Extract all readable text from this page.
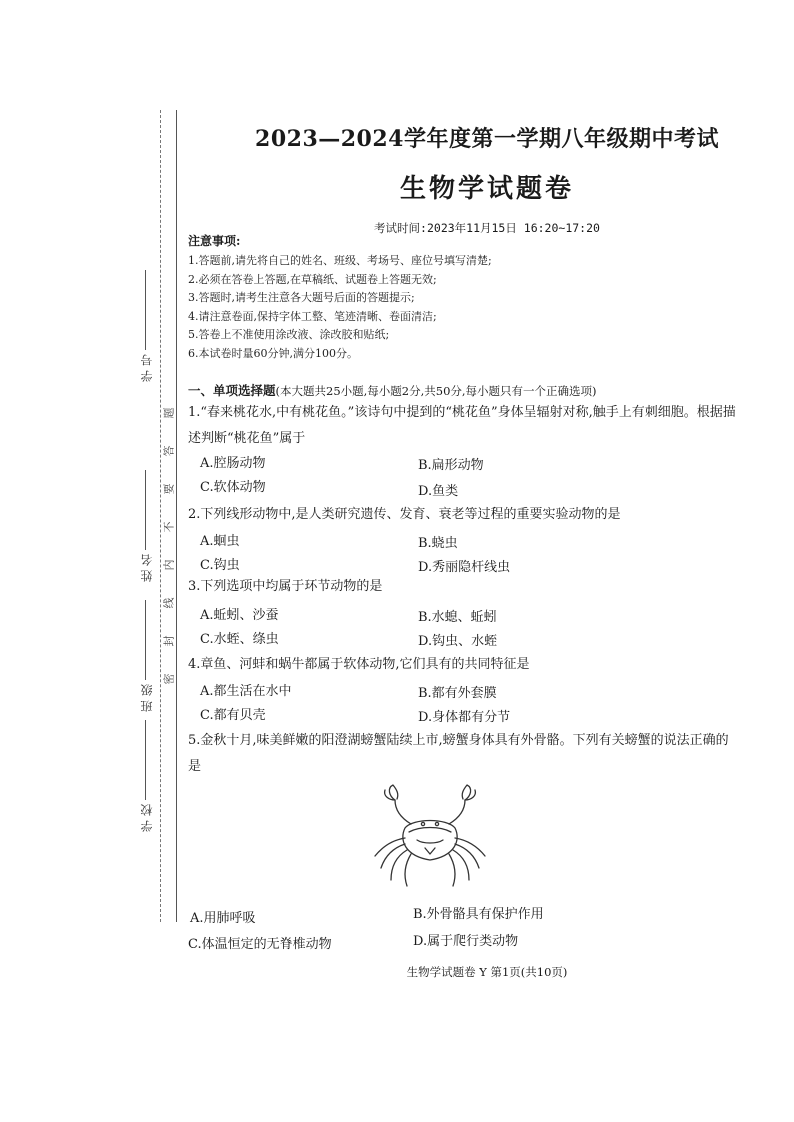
学号
姓名
班级
学校
题
答
要
不
内
线
封
密
2023—2024学年度第一学期八年级期中考试
生物学试题卷
考试时间:2023年11月15日 16:20~17:20
注意事项:
1.答题前,请先将自己的姓名、班级、考场号、座位号填写清楚;
2.必须在答卷上答题,在草稿纸、试题卷上答题无效;
3.答题时,请考生注意各大题号后面的答题提示;
4.请注意卷面,保持字体工整、笔迹清晰、卷面清洁;
5.答卷上不准使用涂改液、涂改胶和贴纸;
6.本试卷时量60分钟,满分100分。
一、单项选择题(本大题共25小题,每小题2分,共50分,每小题只有一个正确选项)
1.“春来桃花水,中有桃花鱼。”该诗句中提到的“桃花鱼”身体呈辐射对称,触手上有刺细胞。根据描述判断“桃花鱼”属于
A.腔肠动物	B.扁形动物
C.软体动物	D.鱼类
2.下列线形动物中,是人类研究遗传、发育、衰老等过程的重要实验动物的是
A.蛔虫	B.蛲虫
C.钩虫	D.秀丽隐杆线虫
3.下列选项中均属于环节动物的是
A.蚯蚓、沙蚕	B.水螅、蚯蚓
C.水蛭、绦虫	D.钩虫、水蛭
4.章鱼、河蚌和蜗牛都属于软体动物,它们具有的共同特征是
A.都生活在水中	B.都有外套膜
C.都有贝壳	D.身体都有分节
5.金秋十月,味美鲜嫩的阳澄湖螃蟹陆续上市,螃蟹身体具有外骨骼。下列有关螃蟹的说法正确的是
A.用肺呼吸	B.外骨骼具有保护作用
C.体温恒定的无脊椎动物	D.属于爬行类动物
生物学试题卷 Y 第1页(共10页)
